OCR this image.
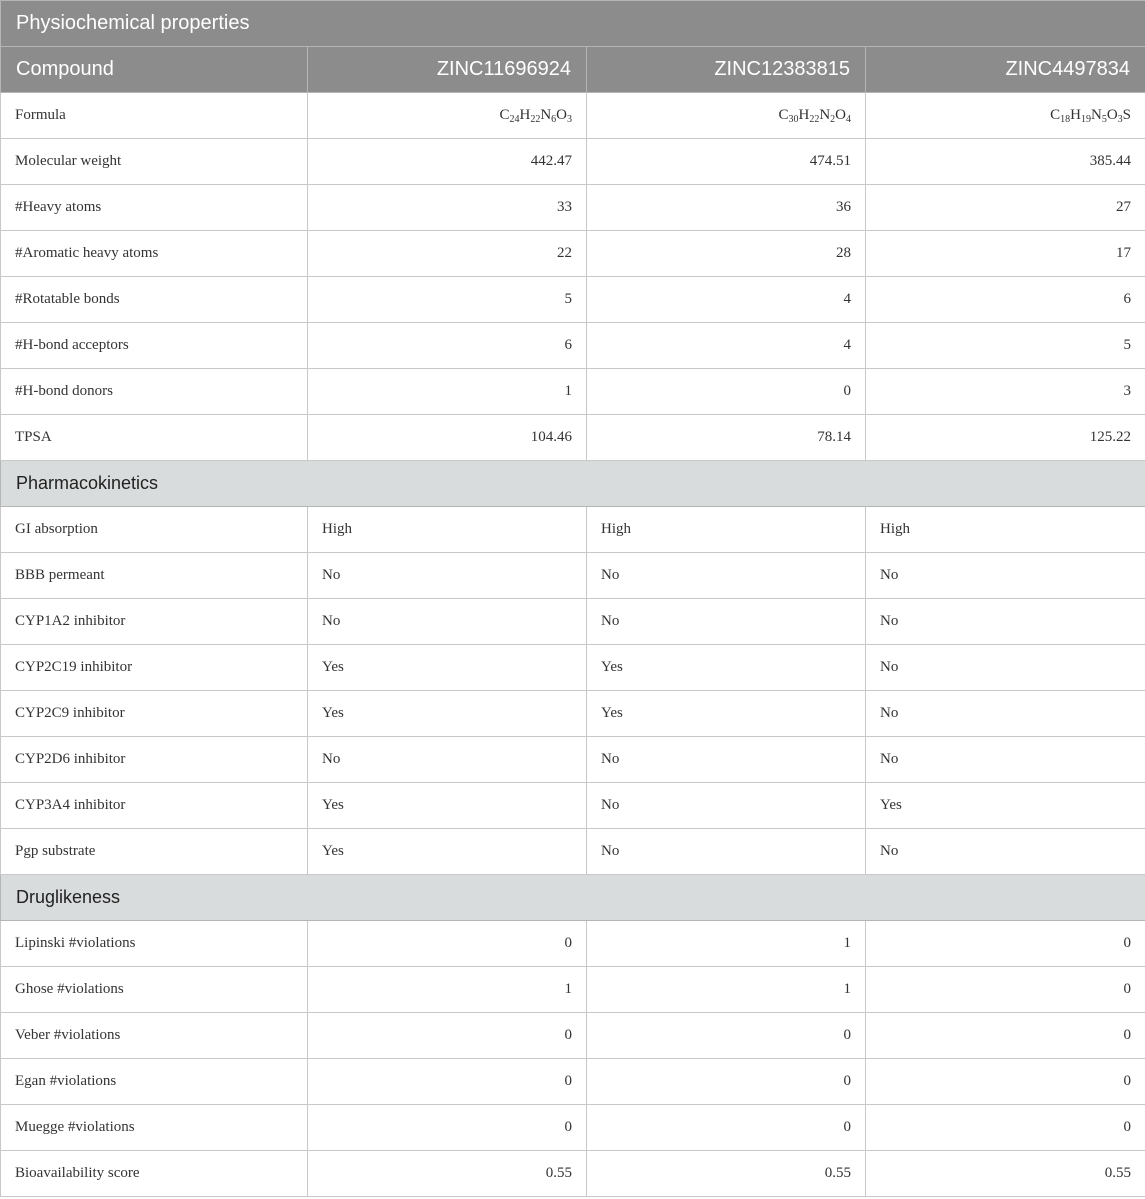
Physiochemical properties			
Compound	ZINC11696924	ZINC12383815	ZINC4497834
Formula	$C_{24}H_{22}N_6O_3$	$C_{30}H_{22}N_2O_4$	$C_{18}H_{19}N_5O_3S$
Molecular weight	442.47	474.51	385.44
#Heavy atoms	33	36	27
#Aromatic heavy atoms	22	28	17
#Rotatable bonds	5	4	6
#H-bond acceptors	6	4	5
#H-bond donors	1	0	3
TPSA	104.46	78.14	125.22
Pharmacokinetics			
GI absorption	High	High	High
BBB permeant	No	No	No
CYP1A2 inhibitor	No	No	No
CYP2C19 inhibitor	Yes	Yes	No
CYP2C9 inhibitor	Yes	Yes	No
CYP2D6 inhibitor	No	No	No
CYP3A4 inhibitor	Yes	No	Yes
Pgp substrate	Yes	No	No
Druglikeness			
Lipinski #violations	0	1	0
Ghose #violations	1	1	0
Veber #violations	0	0	0
Egan #violations	0	0	0
Muegge #violations	0	0	0
Bioavailability score	0.55	0.55	0.55
